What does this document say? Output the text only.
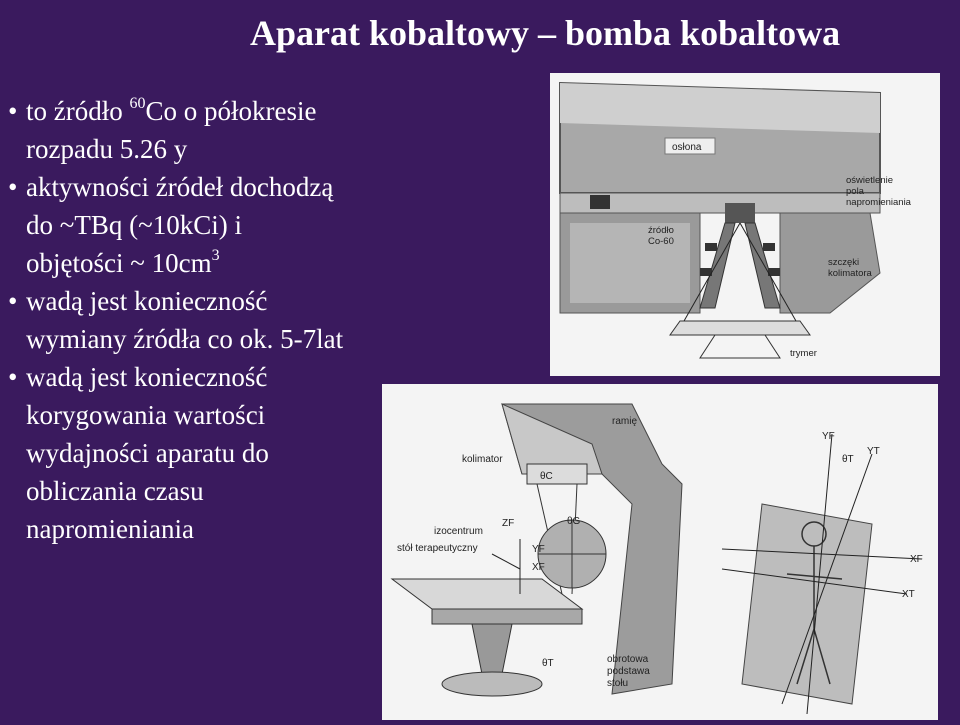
Aparat kobaltowy – bomba kobaltowa
• to źródło $^{60}$Co o półokresie
rozpadu 5.26 y
• aktywności źródeł dochodzą
do ~TBq (~10kCi) i
objętości ~ $10cm^3$
• wadą jest konieczność
wymiany źródła co ok. 5-7lat
• wadą jest konieczność
korygowania wartości
wydajności aparatu do
obliczania czasu
napromieniania
osłona
oświetlenie
pola
napromieniania
źródło
Co-60
szczęki
kolimatora
trymer
ramię
kolimator
izocentrum
stół terapeutyczny
obrotowa
podstawa
stołu
θC
θG
θT
ZF
YF
XF
YF
YT
θT
XF
XT
